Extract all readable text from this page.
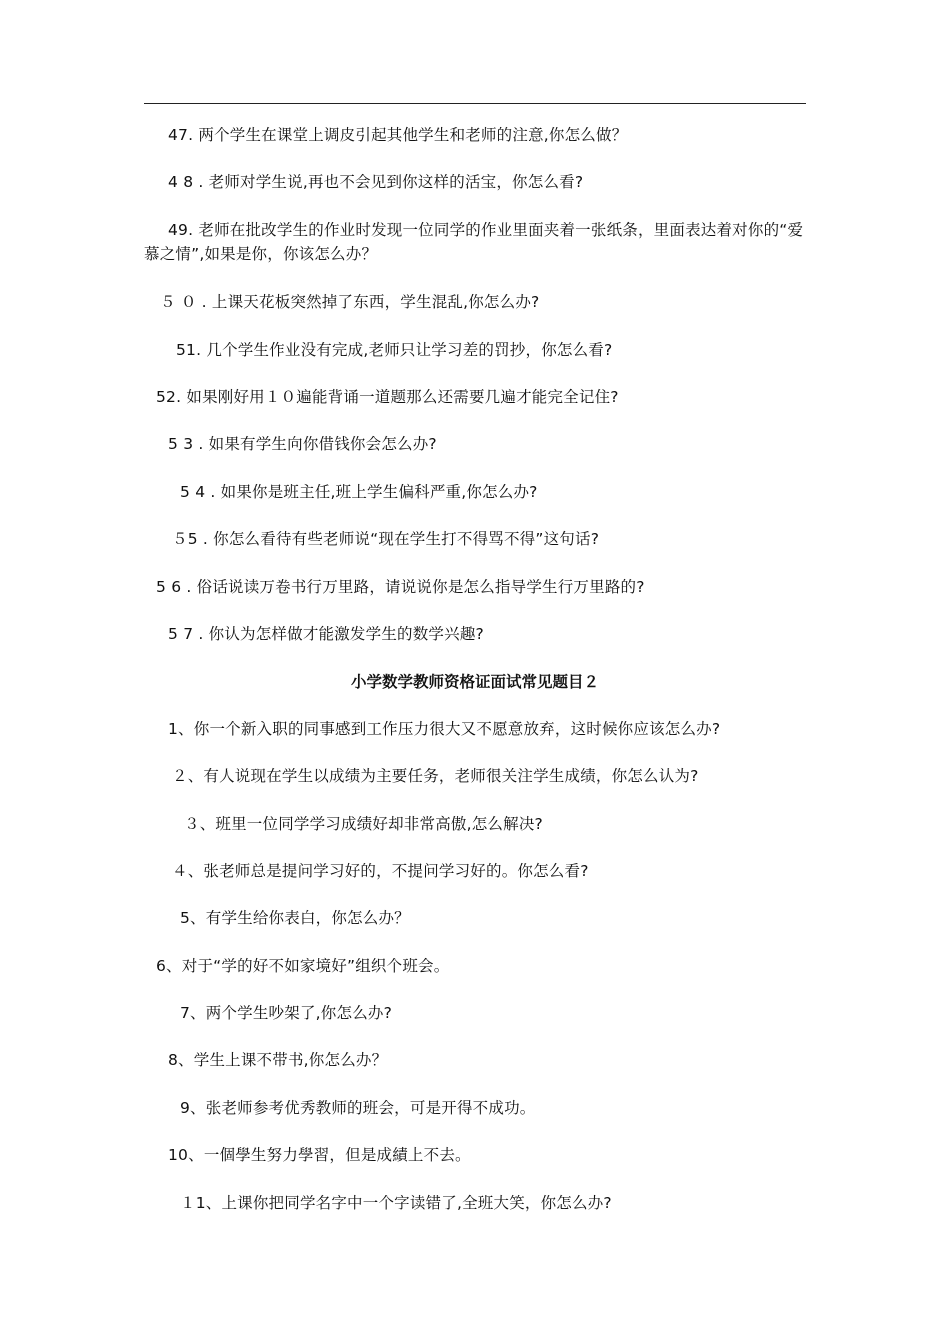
47. 两个学生在课堂上调皮引起其他学生和老师的注意,你怎么做？
4 8 . 老师对学生说,再也不会见到你这样的活宝，你怎么看?
49. 老师在批改学生的作业时发现一位同学的作业里面夹着一张纸条，里面表达着对你的“爱慕之情”,如果是你，你该怎么办？
５ ０ . 上课天花板突然掉了东西，学生混乱,你怎么办?
51. 几个学生作业没有完成,老师只让学习差的罚抄，你怎么看?
52. 如果刚好用１０遍能背诵一道题那么还需要几遍才能完全记住?
5 3 . 如果有学生向你借钱你会怎么办?
5 4 . 如果你是班主任,班上学生偏科严重,你怎么办?
５5 . 你怎么看待有些老师说“现在学生打不得骂不得”这句话?
5 6 . 俗话说读万卷书行万里路，请说说你是怎么指导学生行万里路的?
5 7 . 你认为怎样做才能激发学生的数学兴趣?
小学数学教师资格证面试常见题目２
1、你一个新入职的同事感到工作压力很大又不愿意放弃，这时候你应该怎么办?
２、有人说现在学生以成绩为主要任务，老师很关注学生成绩，你怎么认为?
３、班里一位同学学习成绩好却非常高傲,怎么解决?
４、张老师总是提问学习好的，不提问学习好的。你怎么看?
5、有学生给你表白，你怎么办？
6、对于“学的好不如家境好”组织个班会。
7、两个学生吵架了,你怎么办?
8、学生上课不带书,你怎么办？
9、张老师参考优秀教师的班会，可是开得不成功。
10、一個學生努力學習，但是成績上不去。
１1、上课你把同学名字中一个字读错了,全班大笑，你怎么办?
